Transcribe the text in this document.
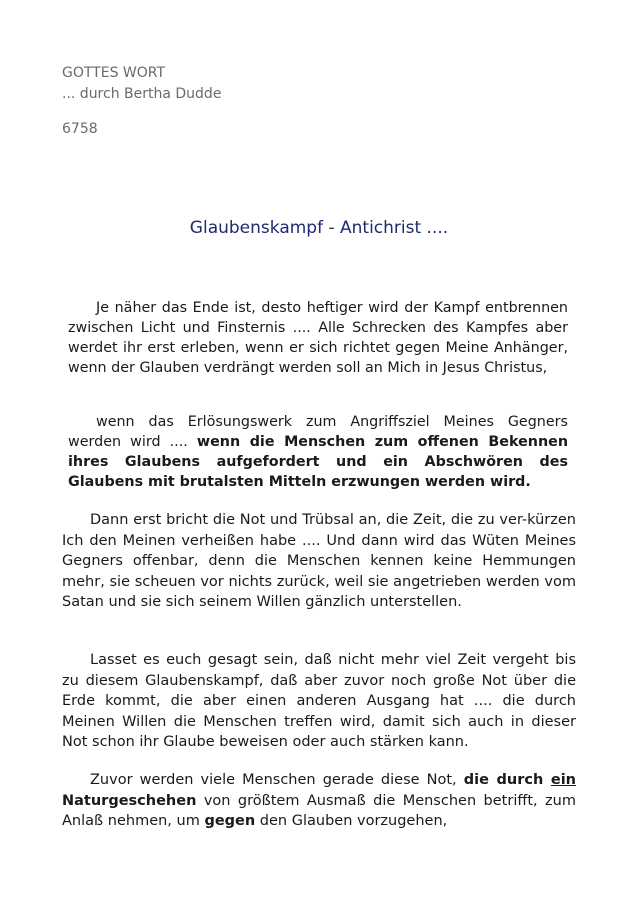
GOTTES WORT
... durch Bertha Dudde
6758
Glaubenskampf - Antichrist ....

Je näher das Ende ist, desto heftiger wird der Kampf entbrennen zwischen Licht und Finsternis .... Alle Schrecken des Kampfes aber werdet ihr erst erleben, wenn er sich richtet gegen Meine Anhänger, wenn der Glauben verdrängt werden soll an Mich in Jesus Christus,

wenn das Erlösungswerk zum Angriffsziel Meines Gegners werden wird .... wenn die Menschen zum offenen Bekennen ihres Glaubens aufgefordert und ein Abschwören des Glaubens mit brutalsten Mitteln erzwungen werden wird.

Dann erst bricht die Not und Trübsal an, die Zeit, die zu ver-kürzen Ich den Meinen verheißen habe .... Und dann wird das Wüten Meines Gegners offenbar, denn die Menschen kennen keine Hemmungen mehr, sie scheuen vor nichts zurück, weil sie angetrieben werden vom Satan und sie sich seinem Willen gänzlich unterstellen.

Lasset es euch gesagt sein, daß nicht mehr viel Zeit vergeht bis zu diesem Glaubenskampf, daß aber zuvor noch große Not über die Erde kommt, die aber einen anderen Ausgang hat .... die durch Meinen Willen die Menschen treffen wird, damit sich auch in dieser Not schon ihr Glaube beweisen oder auch stärken kann.

Zuvor werden viele Menschen gerade diese Not, die durch ein Naturgeschehen von größtem Ausmaß die Menschen betrifft, zum Anlaß nehmen, um gegen den Glauben vorzugehen,
